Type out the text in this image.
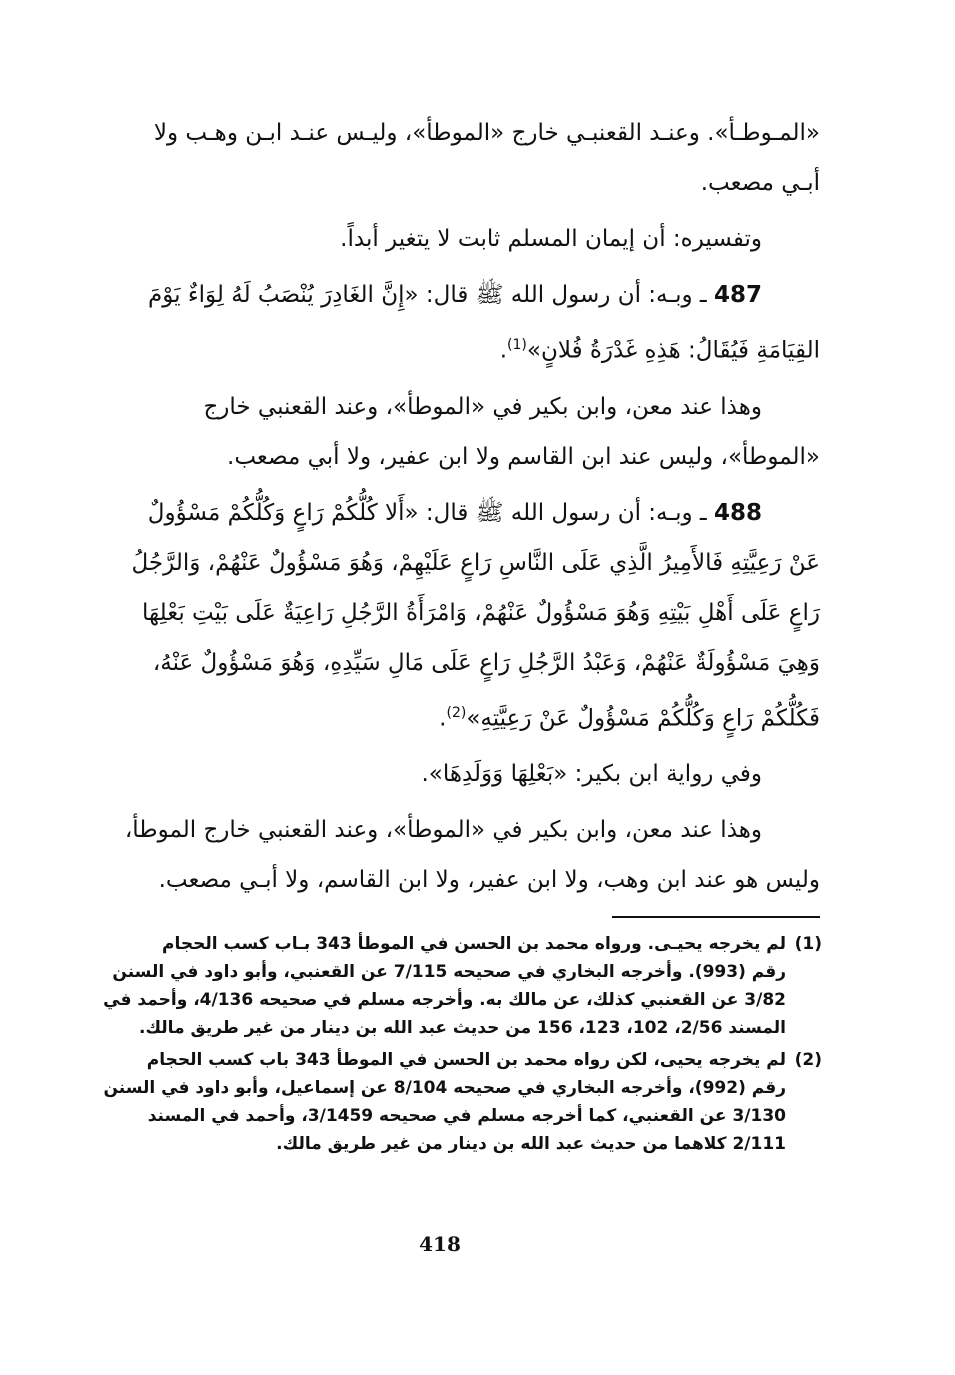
«المـوطـأ». وعنـد القعنبـي خارج «الموطأ»، وليـس عنـد ابـن وهـب ولا
أبـي مصعب.

وتفسيره: أن إيمان المسلم ثابت لا يتغير أبداً.

487 ـ وبـه: أن رسول الله ﷺ قال: «إِنَّ الغَادِرَ يُنْصَبُ لَهُ لِوَاءٌ يَوْمَ
القِيَامَةِ فَيُقَالُ: هَذِهِ غَدْرَةُ فُلانٍ»$^{(1)}$.

وهذا عند معن، وابن بكير في «الموطأ»، وعند القعنبي خارج
«الموطأ»، وليس عند ابن القاسم ولا ابن عفير، ولا أبي مصعب.

488 ـ وبـه: أن رسول الله ﷺ قال: «أَلا كُلُّكُمْ رَاعٍ وَكُلُّكُمْ مَسْؤُولٌ
عَنْ رَعِيَّتِهِ فَالأَمِيرُ الَّذِي عَلَى النَّاسِ رَاعٍ عَلَيْهِمْ، وَهُوَ مَسْؤُولٌ عَنْهُمْ، وَالرَّجُلُ
رَاعٍ عَلَى أَهْلِ بَيْتِهِ وَهُوَ مَسْؤُولٌ عَنْهُمْ، وَامْرَأَةُ الرَّجُلِ رَاعِيَةٌ عَلَى بَيْتِ بَعْلِهَا
وَهِيَ مَسْؤُولَةٌ عَنْهُمْ، وَعَبْدُ الرَّجُلِ رَاعٍ عَلَى مَالِ سَيِّدِهِ، وَهُوَ مَسْؤُولٌ عَنْهُ،
فَكُلُّكُمْ رَاعٍ وَكُلُّكُمْ مَسْؤُولٌ عَنْ رَعِيَّتِهِ»$^{(2)}$.

وفي رواية ابن بكير: «بَعْلِهَا وَوَلَدِهَا».

وهذا عند معن، وابن بكير في «الموطأ»، وعند القعنبي خارج الموطأ،
وليس هو عند ابن وهب، ولا ابن عفير، ولا ابن القاسم، ولا أبـي مصعب.

(1)
لم يخرجه يحيـى. ورواه محمد بن الحسن في الموطأ 343 بـاب كسب الحجام
رقم (993). وأخرجه البخاري في صحيحه 7/115 عن القعنبي، وأبو داود في السنن
3/82 عن القعنبي كذلك، عن مالك به. وأخرجه مسلم في صحيحه 4/136، وأحمد في
المسند 2/56، 102، 123، 156 من حديث عبد الله بن دينار من غير طريق مالك.
(2)
لم يخرجه يحيى، لكن رواه محمد بن الحسن في الموطأ 343 باب كسب الحجام
رقم (992)، وأخرجه البخاري في صحيحه 8/104 عن إسماعيل، وأبو داود في السنن
3/130 عن القعنبي، كما أخرجه مسلم في صحيحه 3/1459، وأحمد في المسند
2/111 كلاهما من حديث عبد الله بن دينار من غير طريق مالك.
418
